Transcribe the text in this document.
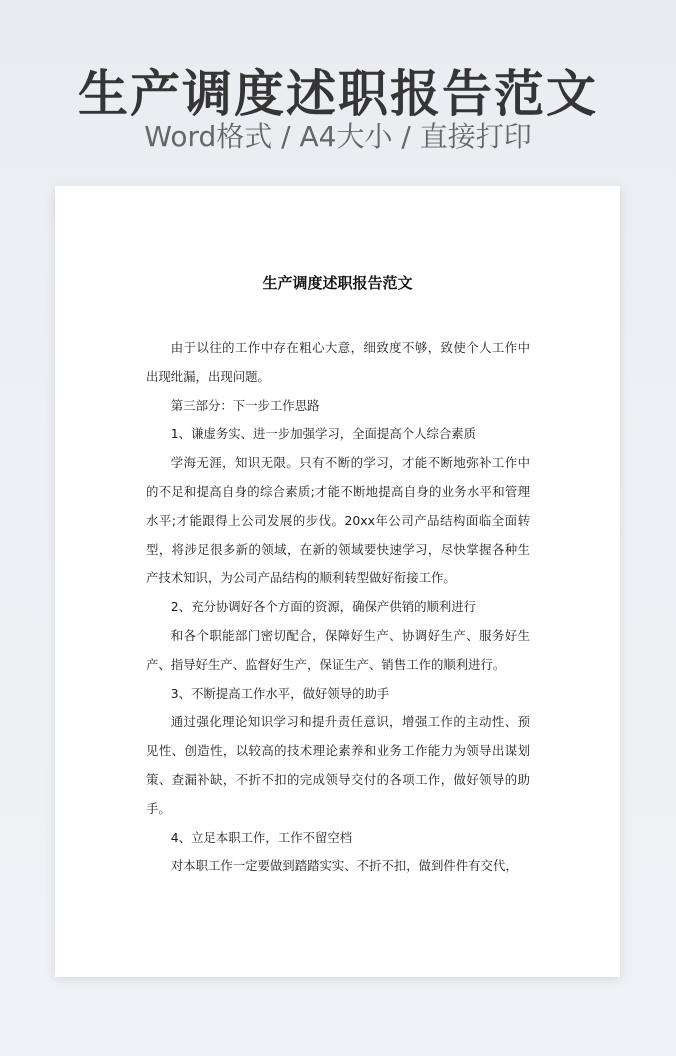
生产调度述职报告范文
Word格式 / A4大小 / 直接打印
生产调度述职报告范文

由于以往的工作中存在粗心大意，细致度不够，致使个人工作中出现纰漏，出现问题。

第三部分：下一步工作思路

1、谦虚务实、进一步加强学习，全面提高个人综合素质

学海无涯，知识无限。只有不断的学习，才能不断地弥补工作中的不足和提高自身的综合素质;才能不断地提高自身的业务水平和管理水平;才能跟得上公司发展的步伐。20xx年公司产品结构面临全面转型，将涉足很多新的领域，在新的领域要快速学习，尽快掌握各种生产技术知识，为公司产品结构的顺利转型做好衔接工作。

2、充分协调好各个方面的资源，确保产供销的顺利进行

和各个职能部门密切配合，保障好生产、协调好生产、服务好生产、指导好生产、监督好生产，保证生产、销售工作的顺利进行。

3、不断提高工作水平，做好领导的助手

通过强化理论知识学习和提升责任意识，增强工作的主动性、预见性、创造性，以较高的技术理论素养和业务工作能力为领导出谋划策、查漏补缺，不折不扣的完成领导交付的各项工作，做好领导的助手。

4、立足本职工作，工作不留空档

对本职工作一定要做到踏踏实实、不折不扣，做到件件有交代，
